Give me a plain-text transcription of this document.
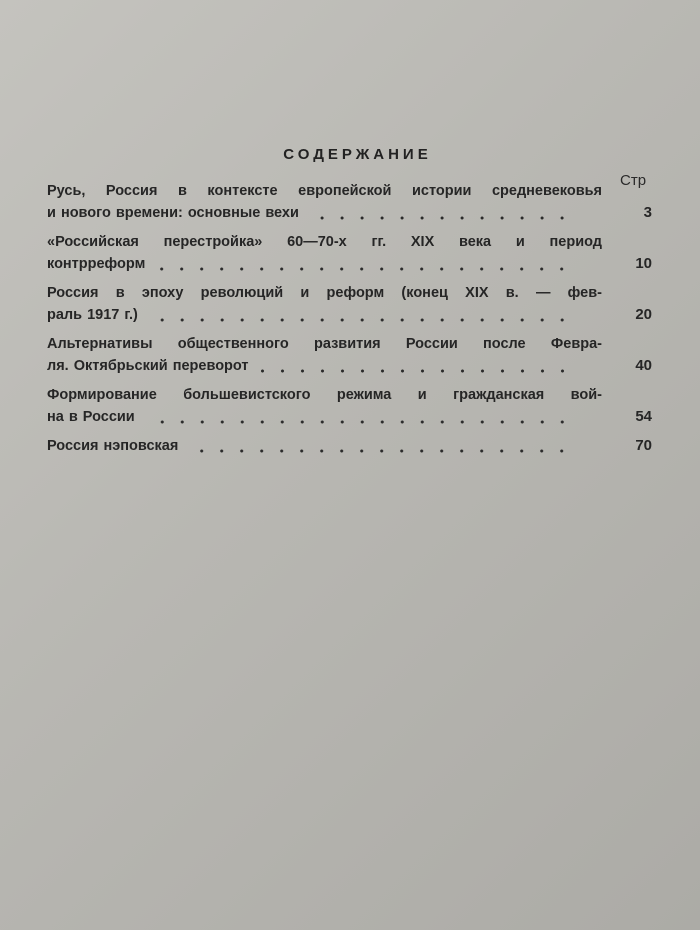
СОДЕРЖАНИЕ
Стр
Русь, Россия в контексте европейской истории средневековья
и нового времени: основные вехи	3
«Российская перестройка» 60—70-х гг. XIX века и период
контрреформ	10
Россия в эпоху революций и реформ (конец XIX в. — фев-
раль 1917 г.)	20
Альтернативы общественного развития России после Февра-
ля. Октябрьский переворот	40
Формирование большевистского режима и гражданская вой-
на в России	54
Россия нэповская	70
